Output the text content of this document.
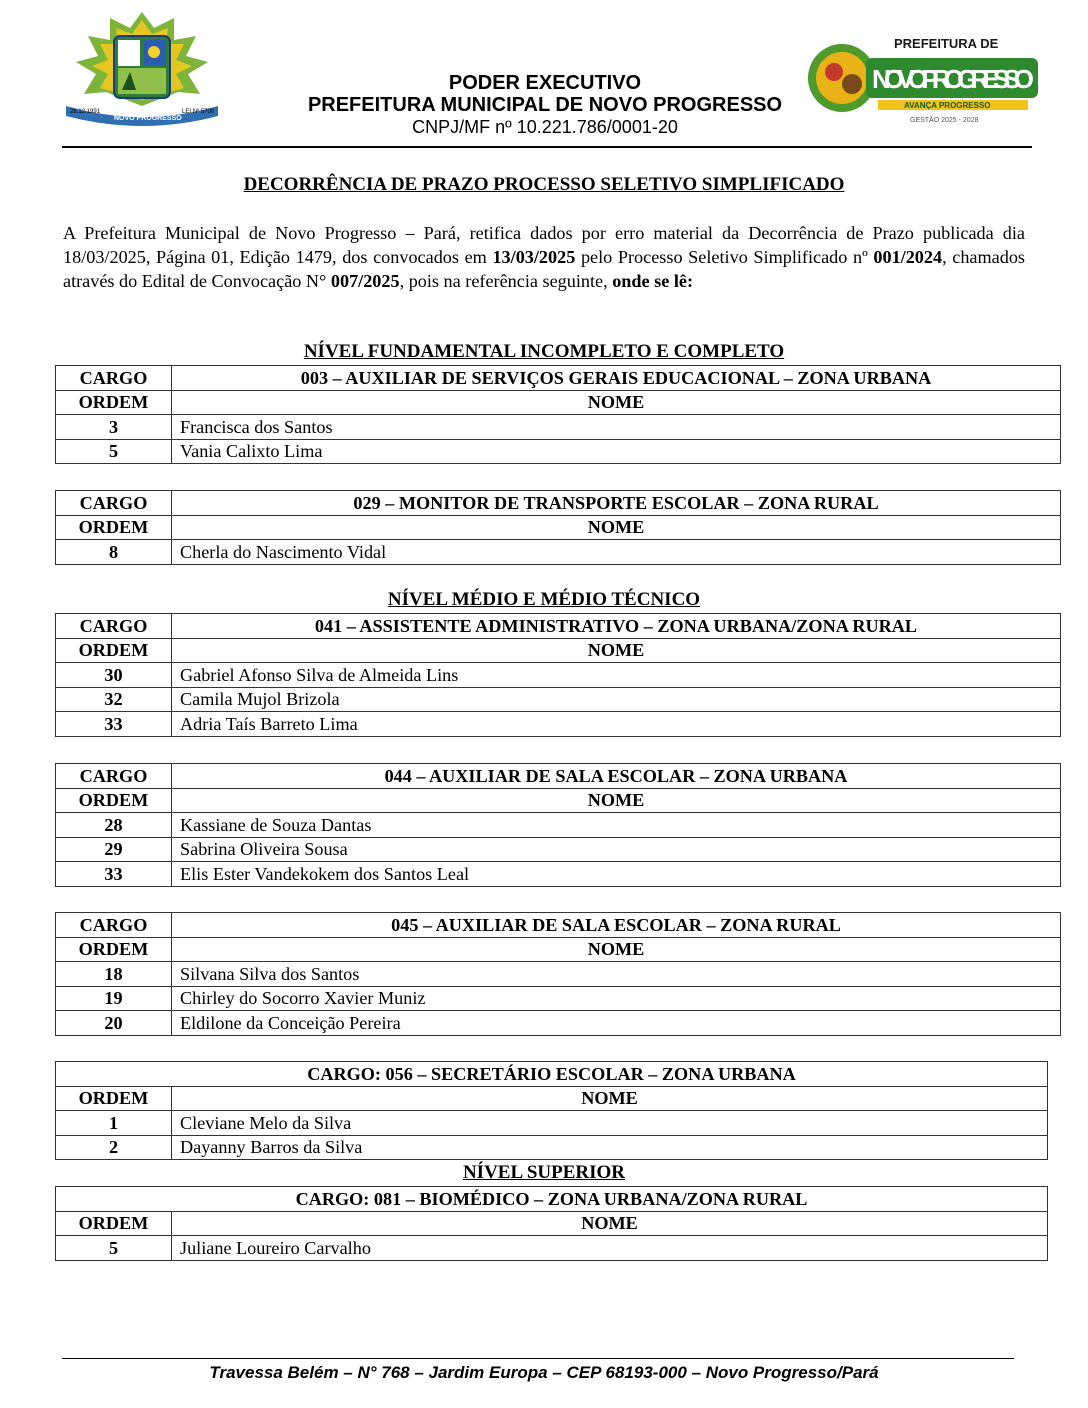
28.12.1991
NOVO PROGRESSO
LEI Nº 5700
PREFEITURA DE
NOVO PROGRESSO
AVANÇA PROGRESSO
GESTÃO 2025 - 2028
PODER EXECUTIVO
PREFEITURA MUNICIPAL DE NOVO PROGRESSO
CNPJ/MF nº 10.221.786/0001-20
DECORRÊNCIA DE PRAZO PROCESSO SELETIVO SIMPLIFICADO
A Prefeitura Municipal de Novo Progresso – Pará, retifica dados por erro material da Decorrência de Prazo publicada dia 18/03/2025, Página 01, Edição 1479, dos convocados em 13/03/2025 pelo Processo Seletivo Simplificado nº 001/2024, chamados através do Edital de Convocação N° 007/2025, pois na referência seguinte, onde se lê:
NÍVEL FUNDAMENTAL INCOMPLETO E COMPLETO
CARGO	003 – AUXILIAR DE SERVIÇOS GERAIS EDUCACIONAL – ZONA URBANA
ORDEM	NOME
3	Francisca dos Santos
5	Vania Calixto Lima
CARGO	029 – MONITOR DE TRANSPORTE ESCOLAR – ZONA RURAL
ORDEM	NOME
8	Cherla do Nascimento Vidal
NÍVEL MÉDIO E MÉDIO TÉCNICO
CARGO	041 – ASSISTENTE ADMINISTRATIVO – ZONA URBANA/ZONA RURAL
ORDEM	NOME
30	Gabriel Afonso Silva de Almeida Lins
32	Camila Mujol Brizola
33	Adria Taís Barreto Lima
CARGO	044 – AUXILIAR DE SALA ESCOLAR – ZONA URBANA
ORDEM	NOME
28	Kassiane de Souza Dantas
29	Sabrina Oliveira Sousa
33	Elis Ester Vandekokem dos Santos Leal
CARGO	045 – AUXILIAR DE SALA ESCOLAR – ZONA RURAL
ORDEM	NOME
18	Silvana Silva dos Santos
19	Chirley do Socorro Xavier Muniz
20	Eldilone da Conceição Pereira
CARGO: 056 – SECRETÁRIO ESCOLAR – ZONA URBANA	
ORDEM	NOME
1	Cleviane Melo da Silva
2	Dayanny Barros da Silva
NÍVEL SUPERIOR
CARGO: 081 – BIOMÉDICO – ZONA URBANA/ZONA RURAL	
ORDEM	NOME
5	Juliane Loureiro Carvalho
Travessa Belém – N° 768 – Jardim Europa – CEP 68193-000 – Novo Progresso/Pará
